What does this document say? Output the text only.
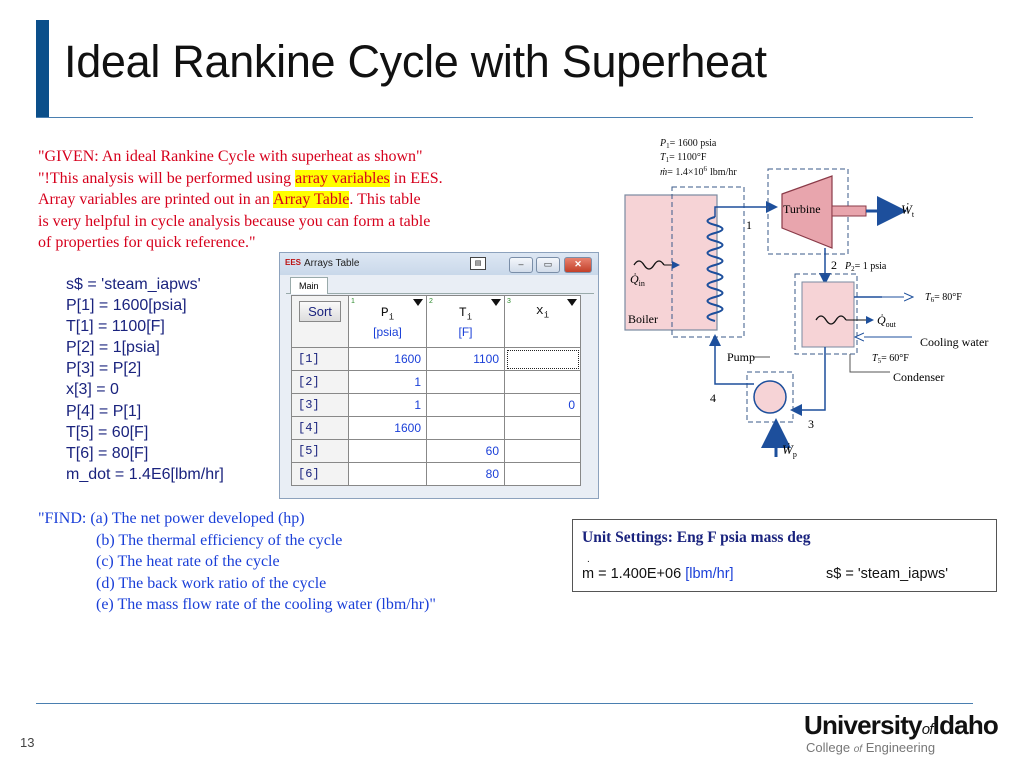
Ideal Rankine Cycle with Superheat
"GIVEN: An ideal Rankine Cycle with superheat as shown"
"!This analysis will be performed using array variables in EES.
Array variables are printed out in an Array Table. This table
is very helpful in cycle analysis because you can form a table
of properties for quick reference."
s$ = 'steam_iapws'
P[1] = 1600[psia]
T[1] = 1100[F]
P[2] = 1[psia]
P[3] = P[2]
x[3] = 0
P[4] = P[1]
T[5] = 60[F]
T[6] = 80[F]
m_dot = 1.4E6[lbm/hr]
EES Arrays Table	▤	–	▭	✕
Main
Sort	1
$P_i$
[psia]	2
$T_i$
[F]	3
$x_i$

[1]	1600	1100	
[2]	1		
[3]	1		0
[4]	1600		
[5]		60	
[6]		80	
"FIND: (a) The net power developed (hp)
(b) The thermal efficiency of the cycle
(c) The heat rate of the cycle
(d) The back work ratio of the cycle
(e) The mass flow rate of the cooling water (lbm/hr)"
Unit Settings: Eng F psia mass deg
.
m = 1.400E+06 [lbm/hr]	s$ = 'steam_iapws'
$P_1= 1600$ psia
$T_1= 1100^\circ F$
ṁ= $1.4\times 10^6$ lbm/hr
$Q̇_{in}$
Boiler
1
Turbine	Ẇ$_t$
2 $P_2= 1$ psia
$T_6= 80^\circ F$
$Q̇_{out}$
Cooling water
$T_5= 60^\circ F$
Condenser
3
Pump
Ẇ$_p$
4
13
UniversityofIdaho
College of Engineering
